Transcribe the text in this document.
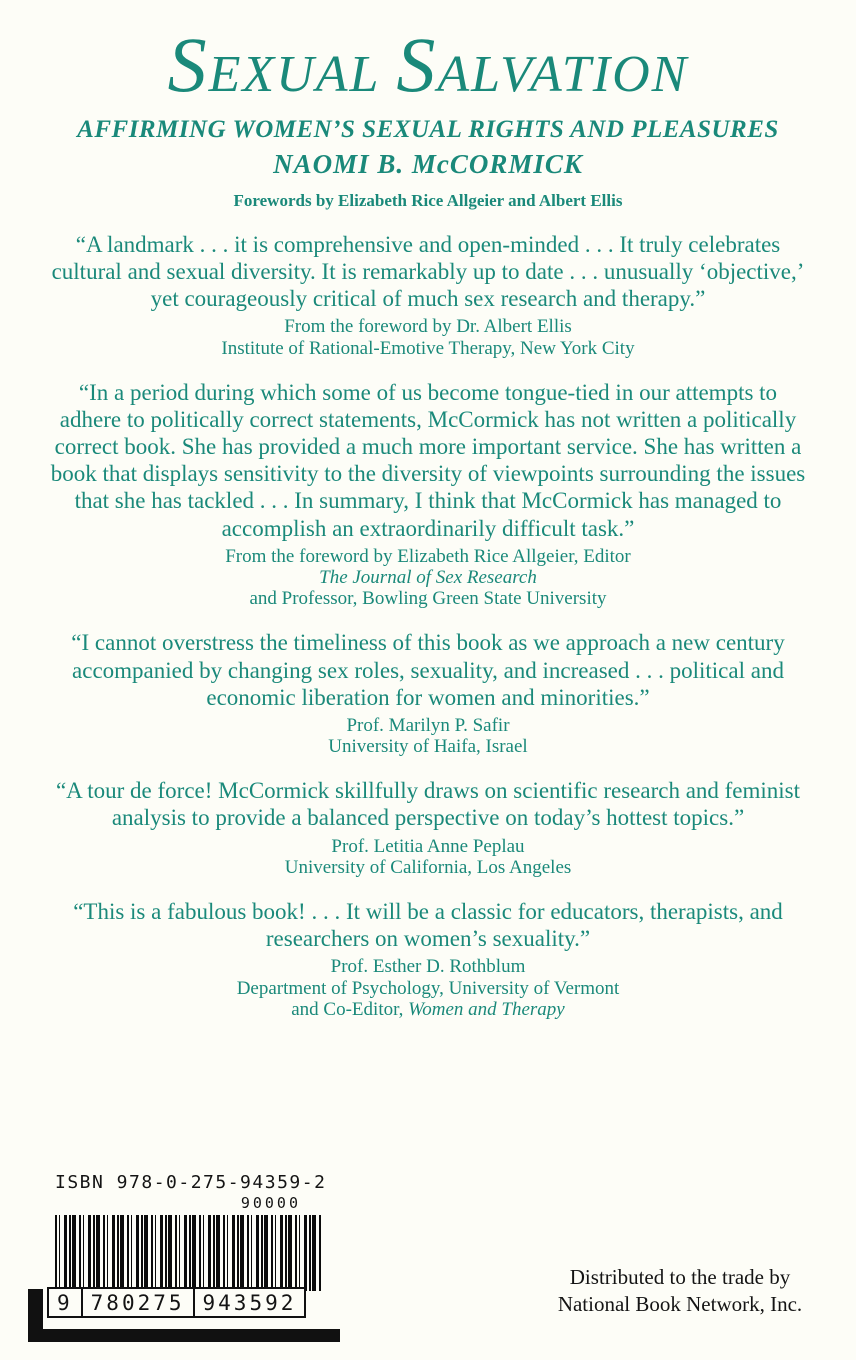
SEXUAL SALVATION
AFFIRMING WOMEN’S SEXUAL RIGHTS AND PLEASURES
NAOMI B. McCORMICK
Forewords by Elizabeth Rice Allgeier and Albert Ellis

“A landmark . . . it is comprehensive and open-minded . . . It truly celebrates cultural and sexual diversity. It is remarkably up to date . . . unusually ‘objective,’ yet courageously critical of much sex research and therapy.”

From the foreword by Dr. Albert Ellis
Institute of Rational-Emotive Therapy, New York City

“In a period during which some of us become tongue-tied in our attempts to adhere to politically correct statements, McCormick has not written a politically correct book. She has provided a much more important service. She has written a book that displays sensitivity to the diversity of viewpoints surrounding the issues that she has tackled . . . In summary, I think that McCormick has managed to accomplish an extraordinarily difficult task.”

From the foreword by Elizabeth Rice Allgeier, Editor
The Journal of Sex Research
and Professor, Bowling Green State University

“I cannot overstress the timeliness of this book as we approach a new century accompanied by changing sex roles, sexuality, and increased . . . political and economic liberation for women and minorities.”

Prof. Marilyn P. Safir
University of Haifa, Israel

“A tour de force! McCormick skillfully draws on scientific research and feminist analysis to provide a balanced perspective on today’s hottest topics.”

Prof. Letitia Anne Peplau
University of California, Los Angeles

“This is a fabulous book! . . . It will be a classic for educators, therapists, and researchers on women’s sexuality.”

Prof. Esther D. Rothblum
Department of Psychology, University of Vermont
and Co-Editor, Women and Therapy
ISBN 978-0-275-94359-2
90000
9 780275 943592
Distributed to the trade by
National Book Network, Inc.
